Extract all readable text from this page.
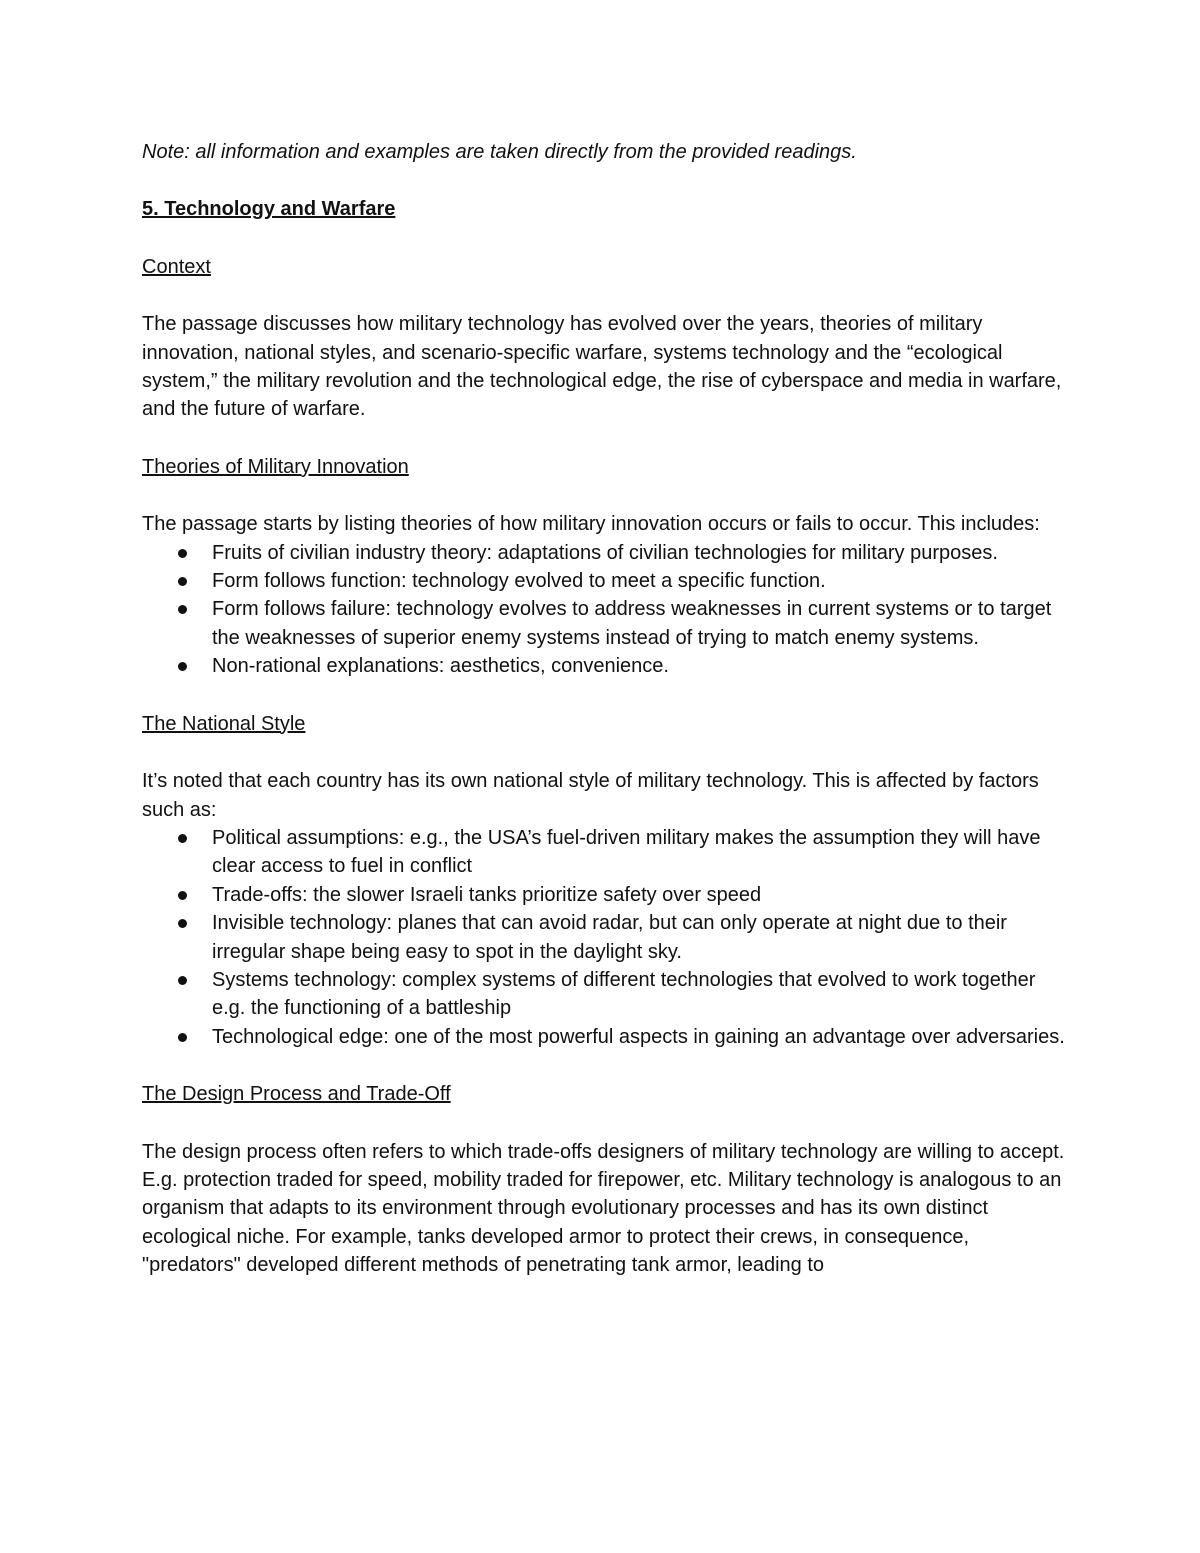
Note: all information and examples are taken directly from the provided readings.

5. Technology and Warfare

Context

The passage discusses how military technology has evolved over the years, theories of military innovation, national styles, and scenario-specific warfare, systems technology and the “ecological system,” the military revolution and the technological edge, the rise of cyberspace and media in warfare, and the future of warfare.

Theories of Military Innovation

The passage starts by listing theories of how military innovation occurs or fails to occur. This includes:

Fruits of civilian industry theory: adaptations of civilian technologies for military purposes.
Form follows function: technology evolved to meet a specific function.
Form follows failure: technology evolves to address weaknesses in current systems or to target the weaknesses of superior enemy systems instead of trying to match enemy systems.
Non-rational explanations: aesthetics, convenience.

The National Style

It’s noted that each country has its own national style of military technology. This is affected by factors such as:

Political assumptions: e.g., the USA’s fuel-driven military makes the assumption they will have clear access to fuel in conflict
Trade-offs: the slower Israeli tanks prioritize safety over speed
Invisible technology: planes that can avoid radar, but can only operate at night due to their irregular shape being easy to spot in the daylight sky.
Systems technology: complex systems of different technologies that evolved to work together e.g. the functioning of a battleship
Technological edge: one of the most powerful aspects in gaining an advantage over adversaries.

The Design Process and Trade-Off

The design process often refers to which trade-offs designers of military technology are willing to accept. E.g. protection traded for speed, mobility traded for firepower, etc. Military technology is analogous to an organism that adapts to its environment through evolutionary processes and has its own distinct ecological niche. For example, tanks developed armor to protect their crews, in consequence, "predators" developed different methods of penetrating tank armor, leading to
